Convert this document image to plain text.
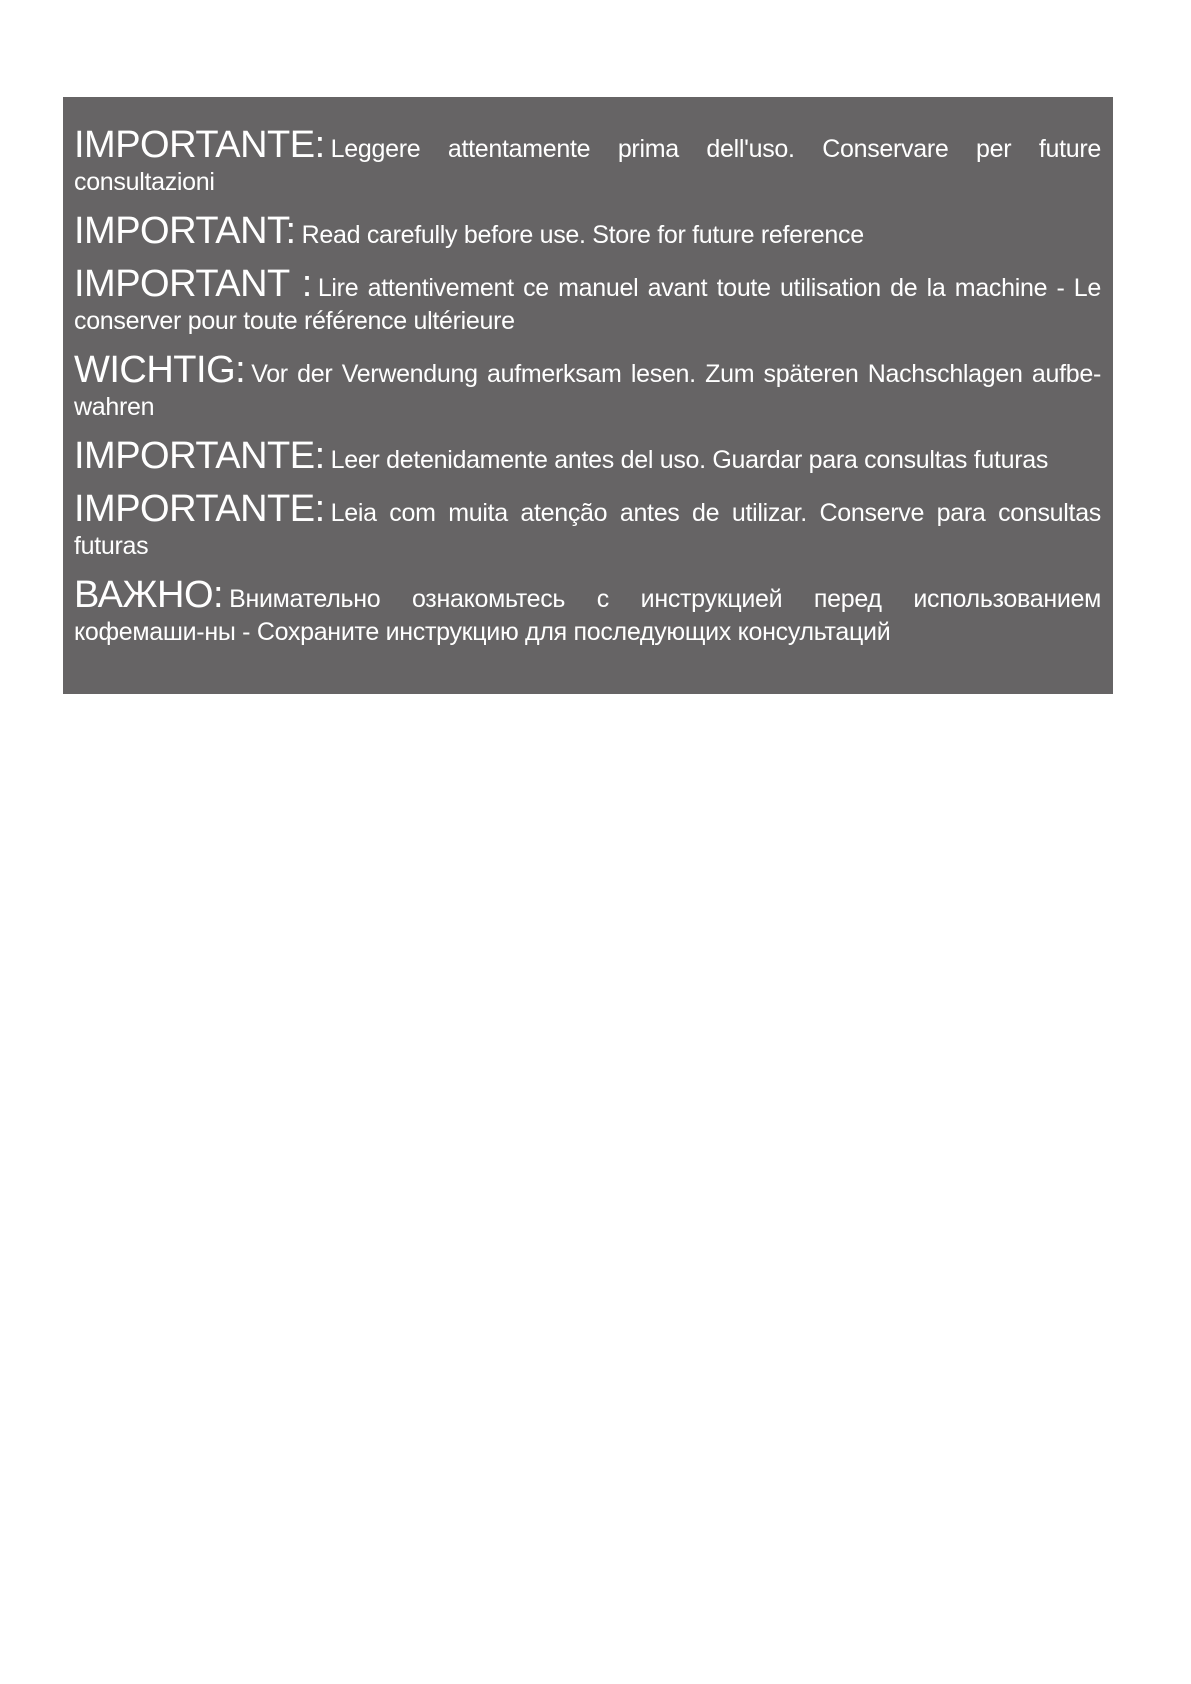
IMPORTANTE: Leggere attentamente prima dell'uso. Conservare per future consultazioni

IMPORTANT: Read carefully before use. Store for future reference

IMPORTANT : Lire attentivement ce manuel avant toute utilisation de la machine - Le conserver pour toute référence ultérieure

WICHTIG: Vor der Verwendung aufmerksam lesen. Zum späteren Nachschlagen aufbe-wahren

IMPORTANTE: Leer detenidamente antes del uso. Guardar para consultas futuras

IMPORTANTE: Leia com muita atenção antes de utilizar. Conserve para consultas futuras

ВАЖНО: Внимательно ознакомьтесь с инструкцией перед использованием кофемаши-ны - Сохраните инструкцию для последующих консультаций
